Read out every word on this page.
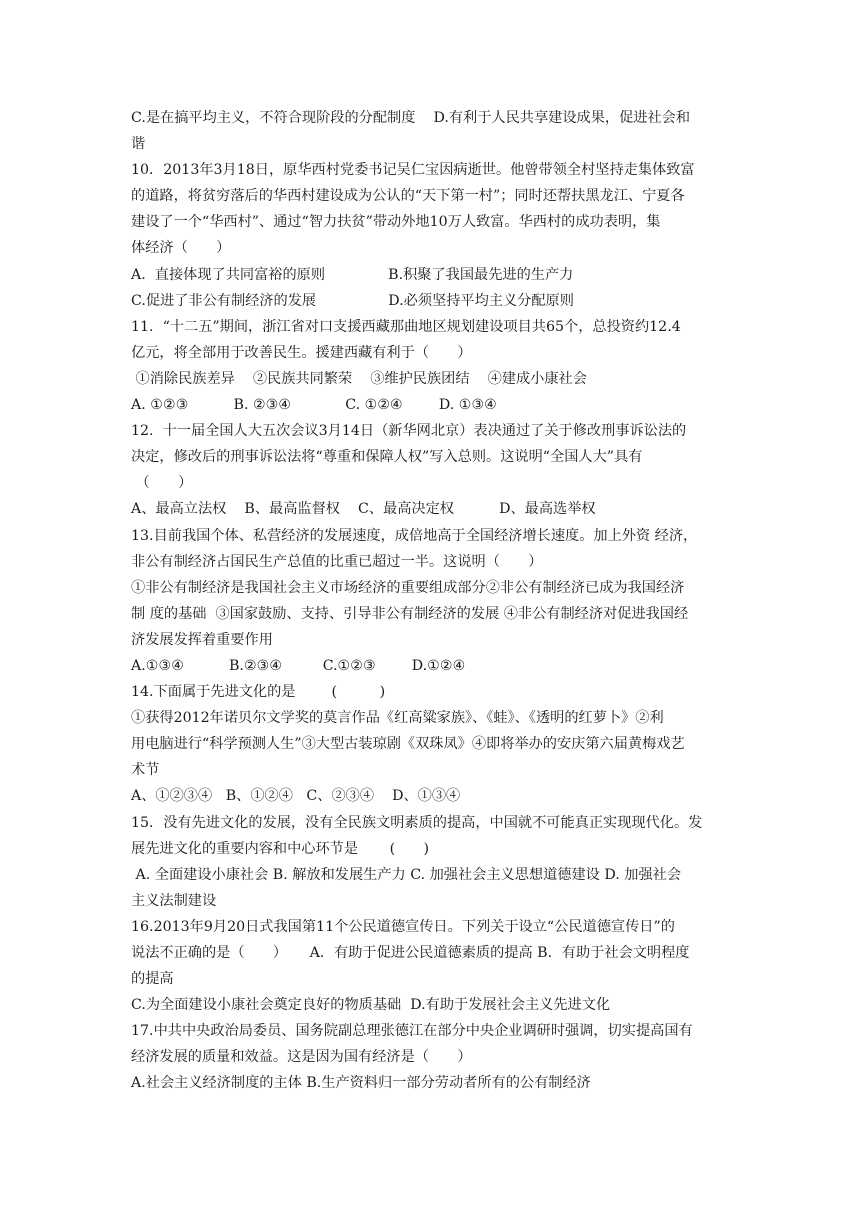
C.是在搞平均主义，不符合现阶段的分配制度    D.有利于人民共享建设成果，促进社会和
谐
10．2013年3月18日，原华西村党委书记吴仁宝因病逝世。他曾带领全村坚持走集体致富
的道路，将贫穷落后的华西村建设成为公认的“天下第一村”；同时还帮扶黑龙江、宁夏各
建设了一个“华西村”、通过“智力扶贫”带动外地10万人致富。华西村的成功表明，集
体经济（　　）
A.  直接体现了共同富裕的原则              B.积聚了我国最先进的生产力
C.促进了非公有制经济的发展                D.必须坚持平均主义分配原则
11.  “十二五”期间，浙江省对口支援西藏那曲地区规划建设项目共65个，总投资约12.4
亿元，将全部用于改善民生。援建西藏有利于（　　）
①消除民族差异    ②民族共同繁荣    ③维护民族团结    ④建成小康社会
A. ①②③          B. ②③④            C. ①②④        D. ①③④
12.  十一届全国人大五次会议3月14日（新华网北京）表决通过了关于修改刑事诉讼法的
决定，修改后的刑事诉讼法将“尊重和保障人权”写入总则。这说明“全国人大”具有
（　　）
A、最高立法权    B、最高监督权    C、最高决定权          D、最高选举权
13.目前我国个体、私营经济的发展速度，成倍地高于全国经济增长速度。加上外资 经济，
非公有制经济占国民生产总值的比重已超过一半。这说明（　　）
①非公有制经济是我国社会主义市场经济的重要组成部分②非公有制经济已成为我国经济
制 度的基础  ③国家鼓励、支持、引导非公有制经济的发展 ④非公有制经济对促进我国经
济发展发挥着重要作用
A.①③④          B.②③④         C.①②③        D.①②④
14.下面属于先进文化的是        (　　　)
①获得2012年诺贝尔文学奖的莫言作品《红高粱家族》、《蛙》、《透明的红萝卜》②利
用电脑进行“科学预测人生”③大型古装琼剧《双珠凤》④即将举办的安庆第六届黄梅戏艺
术节
A、①②③④   B、①②④   C、②③④    D、①③④
15．没有先进文化的发展，没有全民族文明素质的提高，中国就不可能真正实现现代化。发
展先进文化的重要内容和中心环节是       (　　)
A. 全面建设小康社会 B. 解放和发展生产力 C. 加强社会主义思想道德建设 D. 加强社会
主义法制建设
16.2013年9月20日式我国第11个公民道德宣传日。下列关于设立“公民道德宣传日”的
说法不正确的是（　　）     A．有助于促进公民道德素质的提高 B．有助于社会文明程度
的提高
C.为全面建设小康社会奠定良好的物质基础  D.有助于发展社会主义先进文化
17.中共中央政治局委员、国务院副总理张德江在部分中央企业调研时强调，切实提高国有
经济发展的质量和效益。这是因为国有经济是（　　）
A.社会主义经济制度的主体 B.生产资料归一部分劳动者所有的公有制经济
